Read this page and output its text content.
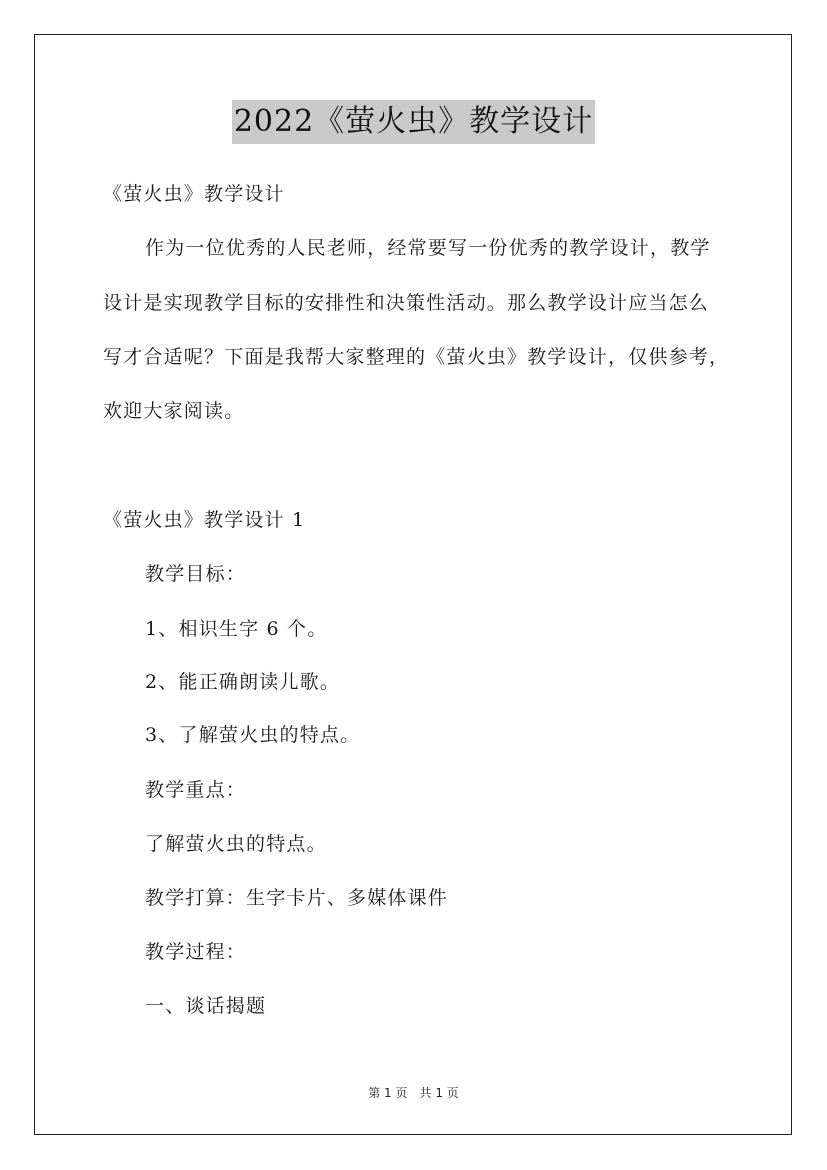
2022《萤火虫》教学设计
《萤火虫》教学设计
作为一位优秀的人民老师，经常要写一份优秀的教学设计，教学
设计是实现教学目标的安排性和决策性活动。那么教学设计应当怎么
写才合适呢？下面是我帮大家整理的《萤火虫》教学设计，仅供参考，
欢迎大家阅读。
《萤火虫》教学设计 1
教学目标：
1、相识生字 6 个。
2、能正确朗读儿歌。
3、了解萤火虫的特点。
教学重点：
了解萤火虫的特点。
教学打算：生字卡片、多媒体课件
教学过程：
一、谈话揭题
第 1 页　共 1 页
